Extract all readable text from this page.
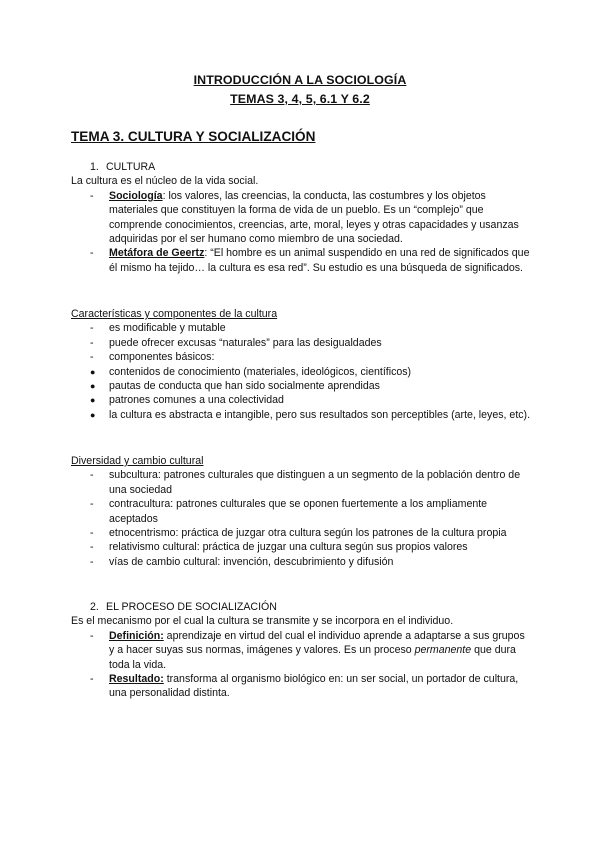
INTRODUCCIÓN A LA SOCIOLOGÍA
TEMAS 3, 4, 5, 6.1 Y 6.2
TEMA 3. CULTURA Y SOCIALIZACIÓN
1. CULTURA
La cultura es el núcleo de la vida social.
-	Sociología: los valores, las creencias, la conducta, las costumbres y los objetos materiales que constituyen la forma de vida de un pueblo. Es un “complejo” que comprende conocimientos, creencias, arte, moral, leyes y otras capacidades y usanzas adquiridas por el ser humano como miembro de una sociedad.
-	Metáfora de Geertz: “El hombre es un animal suspendido en una red de significados que él mismo ha tejido… la cultura es esa red”. Su estudio es una búsqueda de significados.
Características y componentes de la cultura
-	es modificable y mutable
-	puede ofrecer excusas “naturales” para las desigualdades
-	componentes básicos:
●	contenidos de conocimiento (materiales, ideológicos, científicos)
●	pautas de conducta que han sido socialmente aprendidas
●	patrones comunes a una colectividad
●	la cultura es abstracta e intangible, pero sus resultados son perceptibles (arte, leyes, etc).
Diversidad y cambio cultural
-	subcultura: patrones culturales que distinguen a un segmento de la población dentro de una sociedad
-	contracultura: patrones culturales que se oponen fuertemente a los ampliamente aceptados
-	etnocentrismo: práctica de juzgar otra cultura según los patrones de la cultura propia
-	relativismo cultural: práctica de juzgar una cultura según sus propios valores
-	vías de cambio cultural: invención, descubrimiento y difusión
2. EL PROCESO DE SOCIALIZACIÓN
Es el mecanismo por el cual la cultura se transmite y se incorpora en el individuo.
-	Definición: aprendizaje en virtud del cual el individuo aprende a adaptarse a sus grupos y a hacer suyas sus normas, imágenes y valores. Es un proceso permanente que dura toda la vida.
-	Resultado: transforma al organismo biológico en: un ser social, un portador de cultura, una personalidad distinta.
